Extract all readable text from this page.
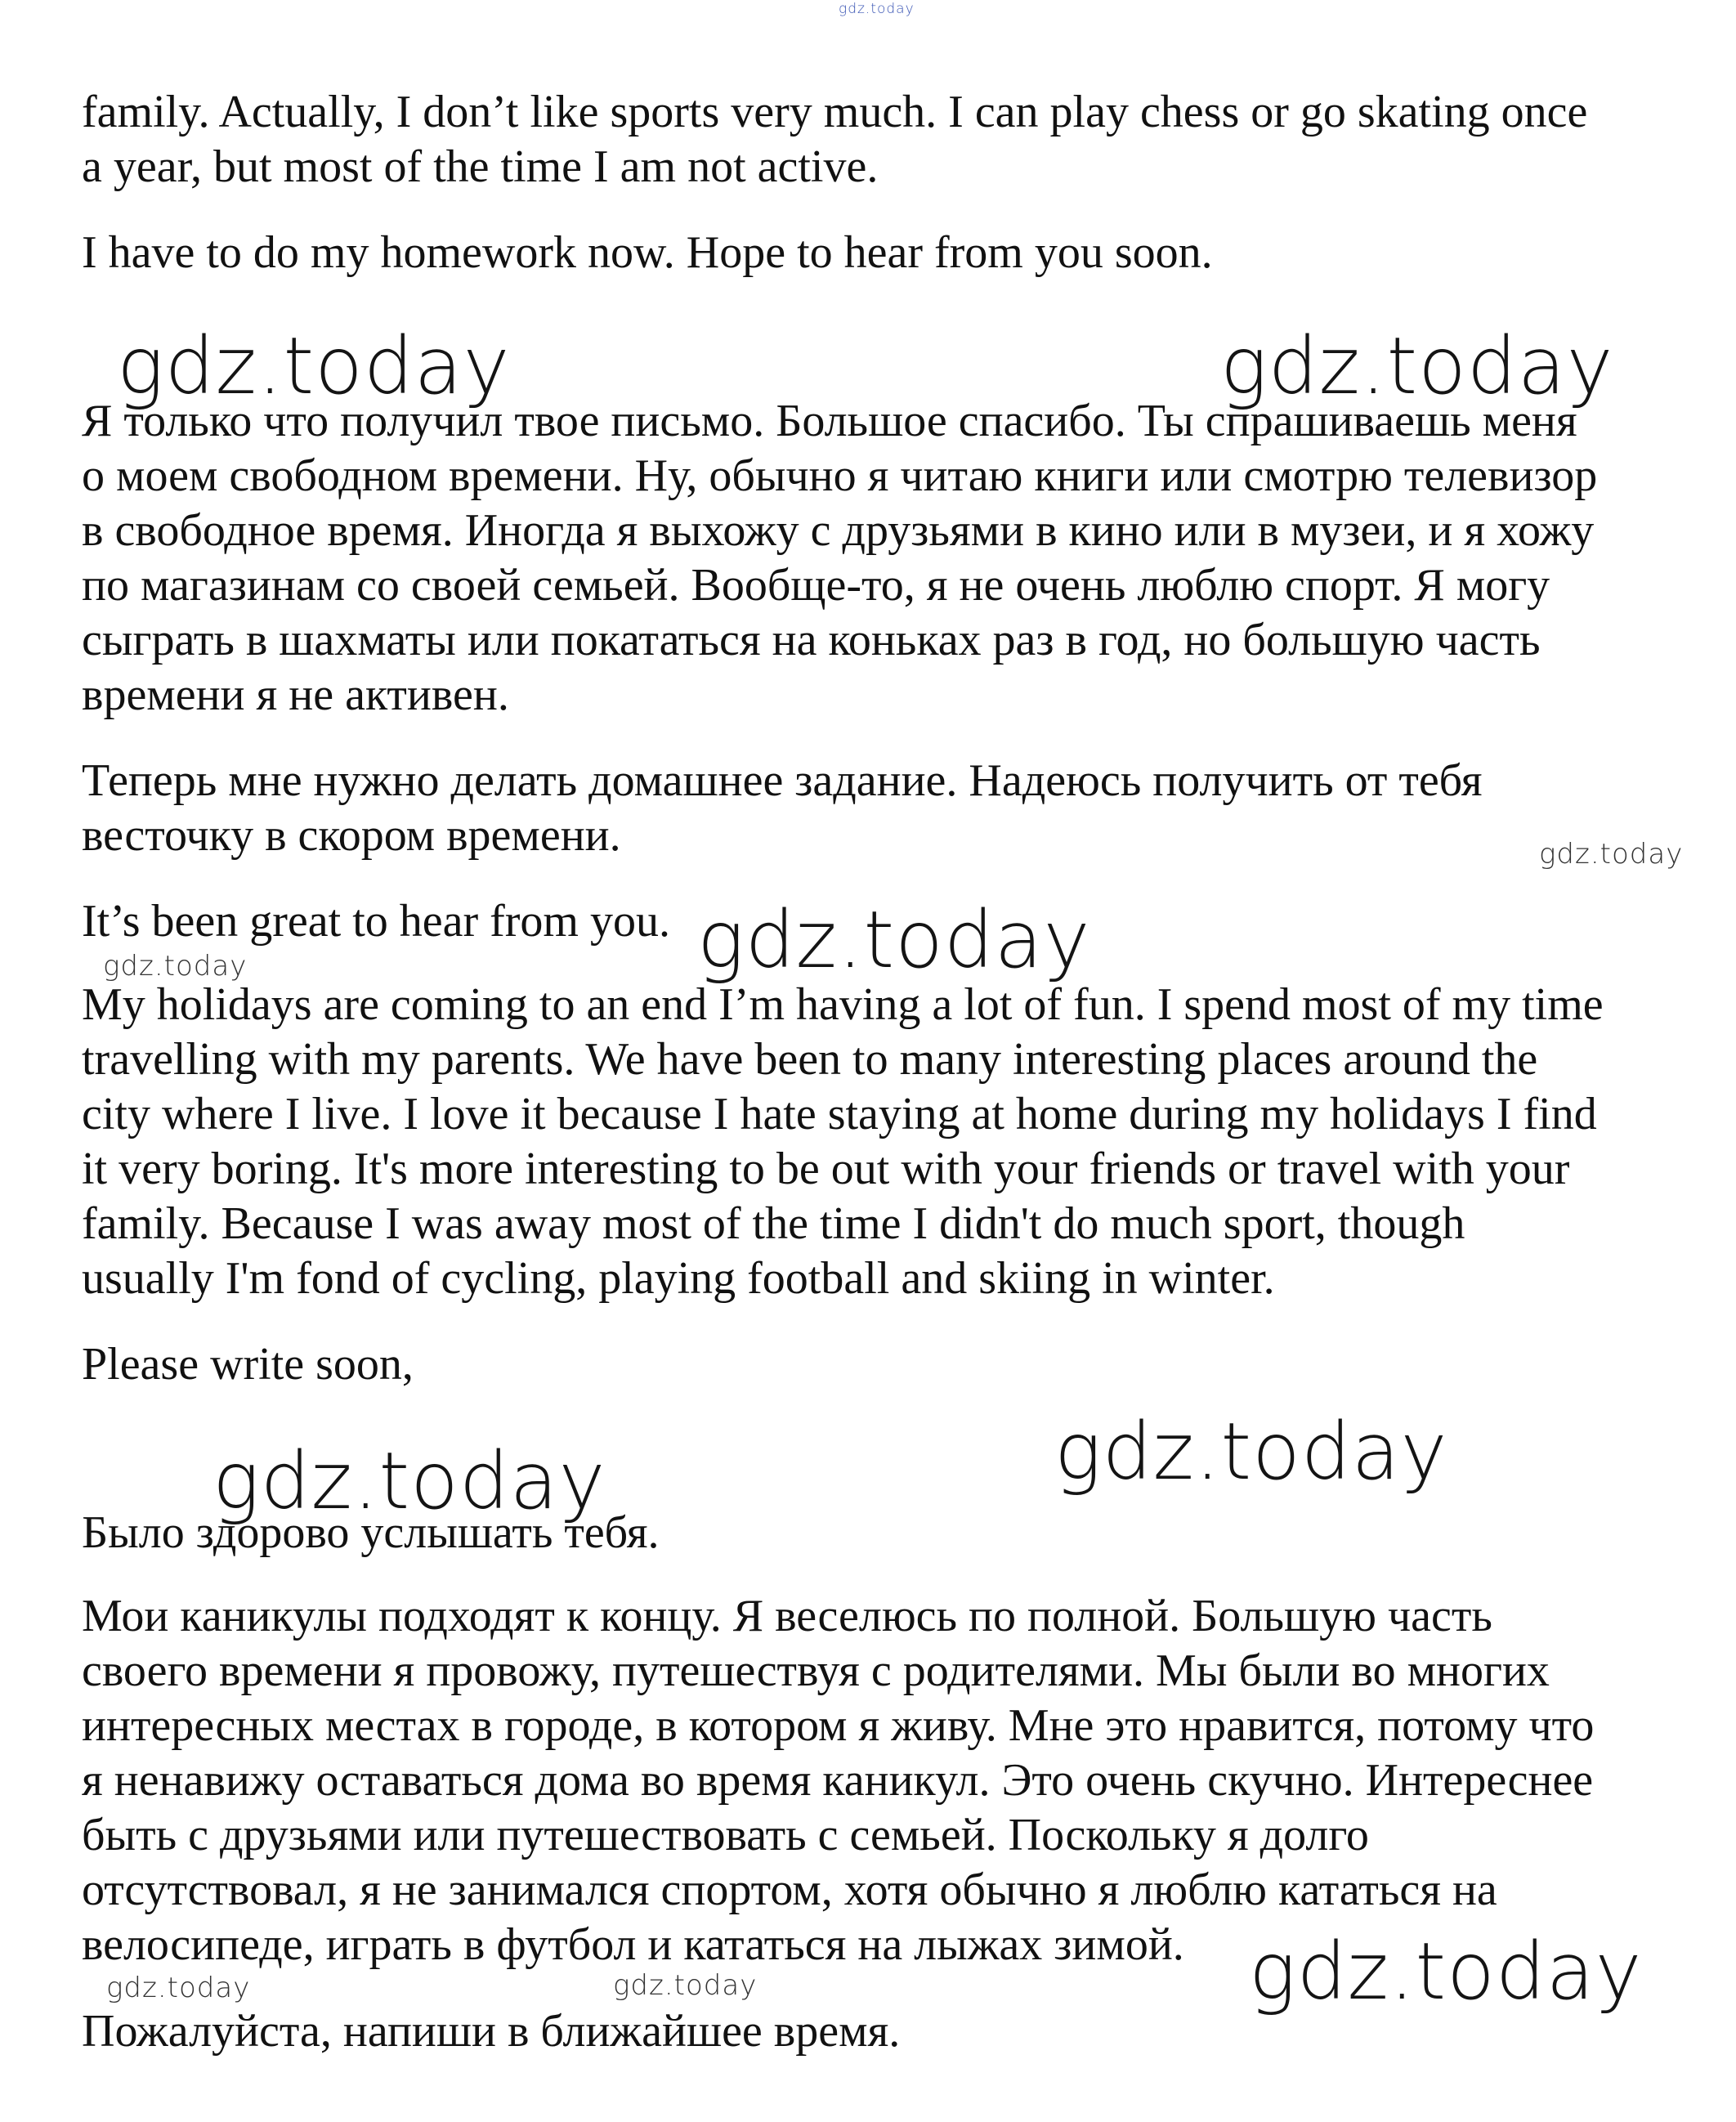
gdz.today
gdz.today	gdz.today
gdz.today
gdz.today
gdz.today
gdz.today
gdz.today
gdz.today
gdz.today	gdz.today
family. Actually, I don’t like sports very much. I can play chess or go skating once
a year, but most of the time I am not active.
I have to do my homework now. Hope to hear from you soon.
Я только что получил твое письмо. Большое спасибо. Ты спрашиваешь меня
о моем свободном времени. Ну, обычно я читаю книги или смотрю телевизор
в свободное время. Иногда я выхожу с друзьями в кино или в музеи, и я хожу
по магазинам со своей семьей. Вообще-то, я не очень люблю спорт. Я могу
сыграть в шахматы или покататься на коньках раз в год, но большую часть
времени я не активен.
Теперь мне нужно делать домашнее задание. Надеюсь получить от тебя
весточку в скором времени.
It’s been great to hear from you.
My holidays are coming to an end I’m having a lot of fun. I spend most of my time
travelling with my parents. We have been to many interesting places around the
city where I live. I love it because I hate staying at home during my holidays I find
it very boring. It's more interesting to be out with your friends or travel with your
family. Because I was away most of the time I didn't do much sport, though
usually I'm fond of cycling, playing football and skiing in winter.
Please write soon,
Было здорово услышать тебя.
Мои каникулы подходят к концу. Я веселюсь по полной. Большую часть
своего времени я провожу, путешествуя с родителями. Мы были во многих
интересных местах в городе, в котором я живу. Мне это нравится, потому что
я ненавижу оставаться дома во время каникул. Это очень скучно. Интереснее
быть с друзьями или путешествовать с семьей. Поскольку я долго
отсутствовал, я не занимался спортом, хотя обычно я люблю кататься на
велосипеде, играть в футбол и кататься на лыжах зимой.
Пожалуйста, напиши в ближайшее время.
